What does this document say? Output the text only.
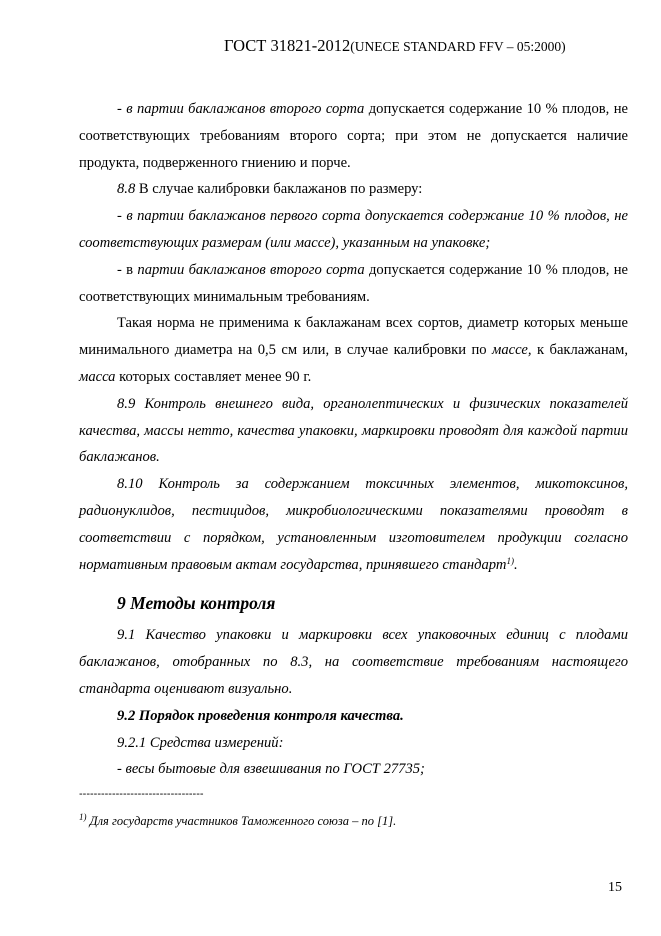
ГОСТ 31821-2012(UNECE STANDARD FFV – 05:2000)

- в партии баклажанов второго сорта допускается содержание 10 % плодов, не соответствующих требованиям второго сорта; при этом не допускается наличие продукта, подверженного гниению и порче.

8.8 В случае калибровки баклажанов по размеру:

- в партии баклажанов первого сорта допускается содержание 10 % плодов, не соответствующих размерам (или массе), указанным на упаковке;

- в партии баклажанов второго сорта допускается содержание 10 % плодов, не соответствующих минимальным требованиям.

Такая норма не применима к баклажанам всех сортов, диаметр которых меньше минимального диаметра на 0,5 см или, в случае калибровки по массе, к баклажанам, масса которых составляет менее 90 г.

8.9 Контроль внешнего вида, органолептических и физических показателей качества, массы нетто, качества упаковки, маркировки проводят для каждой партии баклажанов.

8.10 Контроль за содержанием токсичных элементов, микотоксинов, радионуклидов, пестицидов, микробиологическими показателями проводят в соответствии с порядком, установленным изготовителем продукции согласно нормативным правовым актам государства, принявшего стандарт$^{1)}$.

9 Методы контроля

9.1 Качество упаковки и маркировки всех упаковочных единиц с плодами баклажанов, отобранных по 8.3, на соответствие требованиям настоящего стандарта оценивают визуально.

9.2 Порядок проведения контроля качества.

9.2.1 Средства измерений:

- весы бытовые для взвешивания по ГОСТ 27735;

----------------------------------
$^{1)}$ Для государств участников Таможенного союза – по [1].
15
